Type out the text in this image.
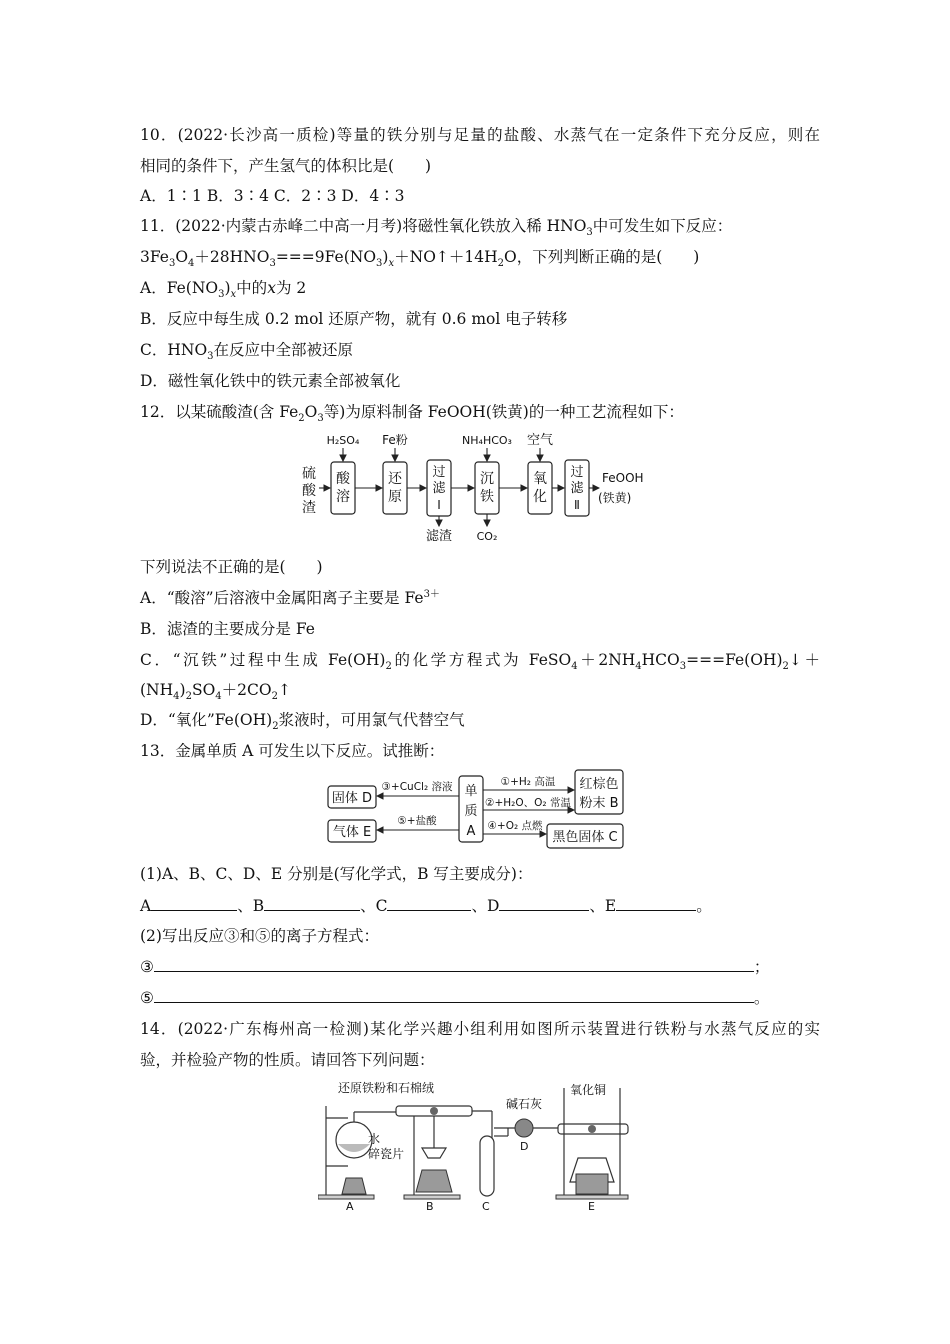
10．(2022·长沙高一质检)等量的铁分别与足量的盐酸、水蒸气在一定条件下充分反应，则在
相同的条件下，产生氢气的体积比是(　　)
A．1∶1 B．3∶4 C．2∶3 D．4∶3
11．(2022·内蒙古赤峰二中高一月考)将磁性氧化铁放入稀 $HNO_3$中可发生如下反应：
$3Fe_3O_4+28HNO_3===9Fe(NO_3)_x+NO↑+14H_2O$，下列判断正确的是(　　)
A．$Fe(NO_3)_x$中的x为 2
B．反应中每生成 0.2 mol 还原产物，就有 0.6 mol 电子转移
C．$HNO_3$在反应中全部被还原
D．磁性氧化铁中的铁元素全部被氧化
12．以某硫酸渣(含 $Fe_2O_3$等)为原料制备 FeOOH(铁黄)的一种工艺流程如下：
硫
酸
渣
酸
溶
还
原
过
滤
Ⅰ
沉
铁
氧
化
过
滤
Ⅱ
H₂SO₄ Fe粉	NH₄HCO₃ 空气
滤渣 CO₂
FeOOH
(铁黄)
下列说法不正确的是(　　)
A．“酸溶”后溶液中金属阳离子主要是 $Fe^{3+}$
B．滤渣的主要成分是 Fe
C．“沉铁”过程中生成 $Fe(OH)_2$的化学方程式为 $FeSO_4+2NH_4HCO_3===Fe(OH)_2↓+$
$(NH_4)_2SO_4+2CO_2↑$
D．“氧化$”Fe(OH)_2$浆液时，可用氯气代替空气
13．金属单质 A 可发生以下反应。试推断：
单
质
A
固体 D
气体 E
红棕色
粉末 B
黑色固体 C
③+CuCl₂ 溶液
⑤+盐酸
①+H₂ 高温
②+H₂O、O₂ 常温
④+O₂ 点燃
(1)A、B、C、D、E 分别是(写化学式，B 写主要成分)：
A	、B	、C	、D	、E	。
(2)写出反应③和⑤的离子方程式：
③	；
⑤	。
14．(2022·广东梅州高一检测)某化学兴趣小组利用如图所示装置进行铁粉与水蒸气反应的实
验，并检验产物的性质。请回答下列问题：
水
碎瓷片
A
还原铁粉和石棉绒
B	C
碱石灰
D
氧化铜
E
